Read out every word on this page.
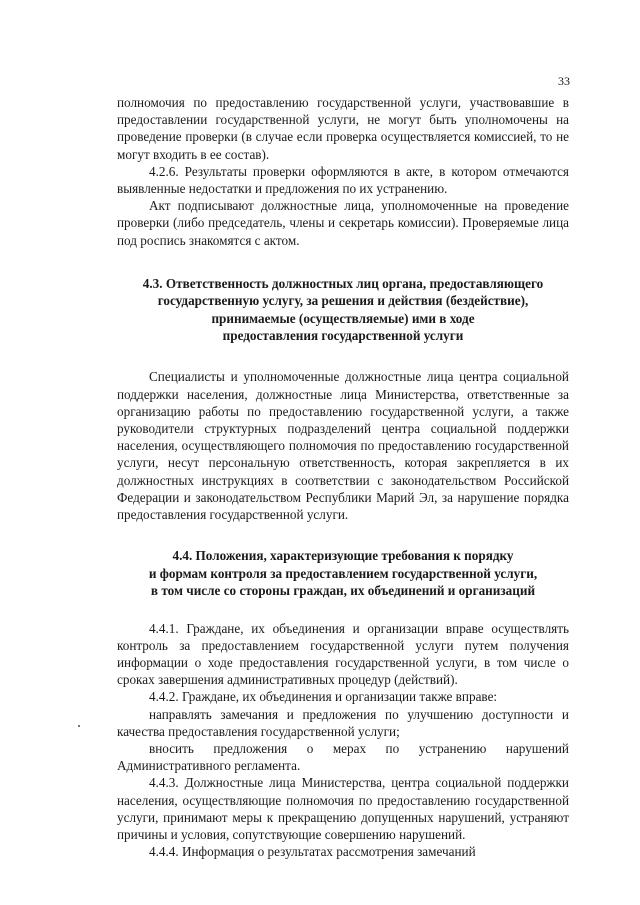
33

полномочия по предоставлению государственной услуги, участвовавшие в предоставлении государственной услуги, не могут быть уполномочены на проведение проверки (в случае если проверка осуществляется комиссией, то не могут входить в ее состав).

4.2.6. Результаты проверки оформляются в акте, в котором отмечаются выявленные недостатки и предложения по их устранению.

Акт подписывают должностные лица, уполномоченные на проведение проверки (либо председатель, члены и секретарь комиссии). Проверяемые лица под роспись знакомятся с актом.

4.3. Ответственность должностных лиц органа, предоставляющего
государственную услугу, за решения и действия (бездействие),
принимаемые (осуществляемые) ими в ходе
предоставления государственной услуги

Специалисты и уполномоченные должностные лица центра социальной поддержки населения, должностные лица Министерства, ответственные за организацию работы по предоставлению государственной услуги, а также руководители структурных подразделений центра социальной поддержки населения, осуществляющего полномочия по предоставлению государственной услуги, несут персональную ответственность, которая закрепляется в их должностных инструкциях в соответствии с законодательством Российской Федерации и законодательством Республики Марий Эл, за нарушение порядка предоставления государственной услуги.

4.4. Положения, характеризующие требования к порядку
и формам контроля за предоставлением государственной услуги,
в том числе со стороны граждан, их объединений и организаций

4.4.1. Граждане, их объединения и организации вправе осуществлять контроль за предоставлением государственной услуги путем получения информации о ходе предоставления государственной услуги, в том числе о сроках завершения административных процедур (действий).

4.4.2. Граждане, их объединения и организации также вправе:

направлять замечания и предложения по улучшению доступности и качества предоставления государственной услуги;

вносить предложения о мерах по устранению нарушений Административного регламента.

4.4.3. Должностные лица Министерства, центра социальной поддержки населения, осуществляющие полномочия по предоставлению государственной услуги, принимают меры к прекращению допущенных нарушений, устраняют причины и условия, сопутствующие совершению нарушений.

4.4.4. Информация о результатах рассмотрения замечаний
